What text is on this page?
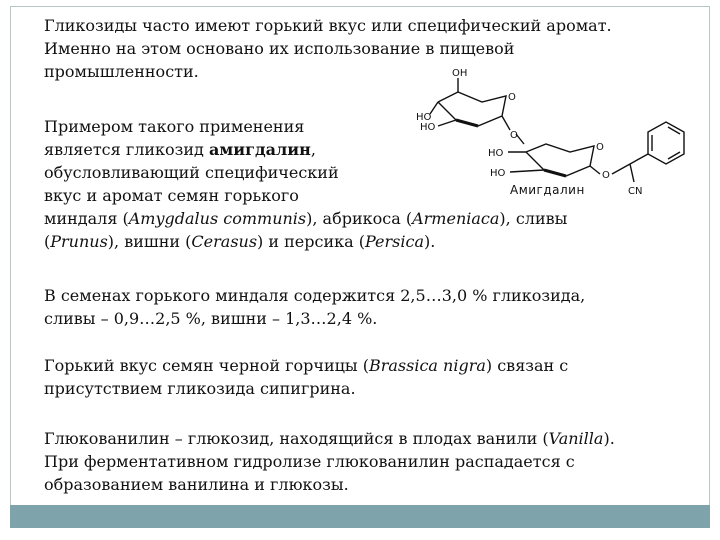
Гликозиды часто имеют горький вкус или специфический аромат.
Именно на этом основано их использование в пищевой
промышленности.
Примером такого применения
является гликозид амигдалин,
обусловливающий специфический
вкус и аромат семян горького
миндаля (Amygdalus communis), абрикоса (Armeniaca), сливы
(Prunus), вишни (Cerasus) и персика (Persica).
В семенах горького миндаля содержится 2,5…3,0 % гликозида,
сливы – 0,9…2,5 %, вишни – 1,3…2,4 %.
Горький вкус семян черной горчицы (Brassica nigra) связан с
присутствием гликозида сипигрина.
Глюкованилин – глюкозид, находящийся в плодах ванили (Vanilla).
При ферментативном гидролизе глюкованилин распадается с
образованием ванилина и глюкозы.
OH
HO
HO
O
O
HO
HO
O
O
CN
Амигдалин
